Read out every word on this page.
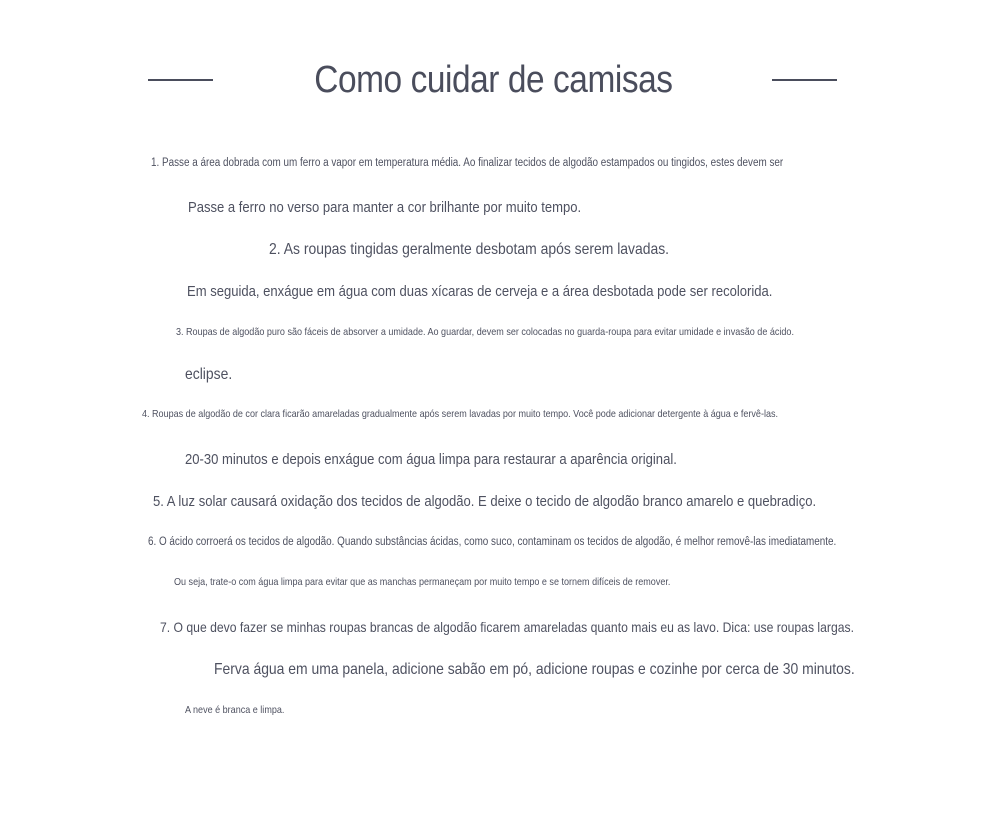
Como cuidar de camisas
1. Passe a área dobrada com um ferro a vapor em temperatura média. Ao finalizar tecidos de algodão estampados ou tingidos, estes devem ser
Passe a ferro no verso para manter a cor brilhante por muito tempo.
2. As roupas tingidas geralmente desbotam após serem lavadas.
Em seguida, enxágue em água com duas xícaras de cerveja e a área desbotada pode ser recolorida.
3. Roupas de algodão puro são fáceis de absorver a umidade. Ao guardar, devem ser colocadas no guarda-roupa para evitar umidade e invasão de ácido.
eclipse.
4. Roupas de algodão de cor clara ficarão amareladas gradualmente após serem lavadas por muito tempo. Você pode adicionar detergente à água e fervê-las.
20-30 minutos e depois enxágue com água limpa para restaurar a aparência original.
5. A luz solar causará oxidação dos tecidos de algodão. E deixe o tecido de algodão branco amarelo e quebradiço.
6. O ácido corroerá os tecidos de algodão. Quando substâncias ácidas, como suco, contaminam os tecidos de algodão, é melhor removê-las imediatamente.
Ou seja, trate-o com água limpa para evitar que as manchas permaneçam por muito tempo e se tornem difíceis de remover.
7. O que devo fazer se minhas roupas brancas de algodão ficarem amareladas quanto mais eu as lavo. Dica: use roupas largas.
Ferva água em uma panela, adicione sabão em pó, adicione roupas e cozinhe por cerca de 30 minutos.
A neve é branca e limpa.
